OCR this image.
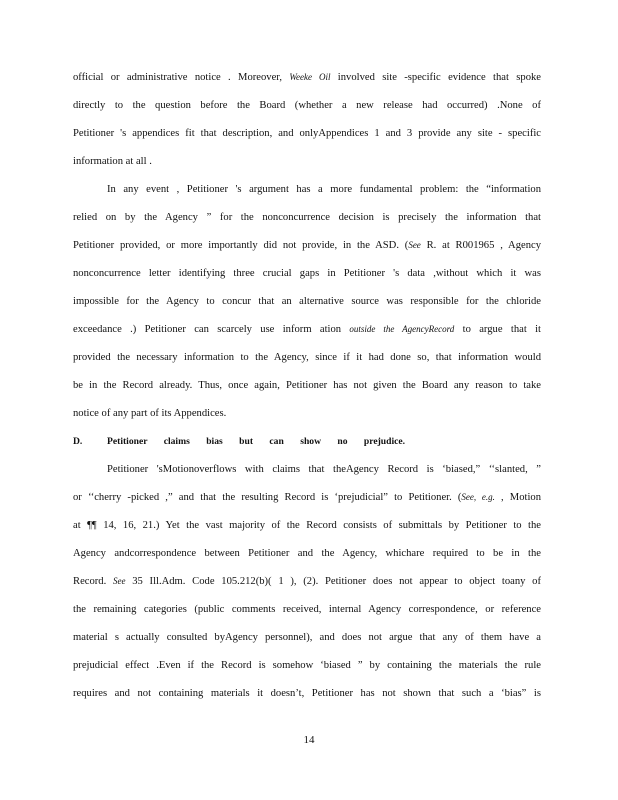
official or administrative notice . Moreover, Weeke Oil involved site -specific evidence that spoke
directly to the question before the Board (whether a new release had occurred) .None of
Petitioner 's appendices fit that description, and onlyAppendices 1 and 3 provide any site - specific
information at all .
In any event , Petitioner 's argument has a more fundamental problem: the “information
relied on by the Agency ” for the nonconcurrence decision is precisely the information that
Petitioner provided, or more importantly did not provide, in the ASD. (See R. at R001965 , Agency
nonconcurrence letter identifying three crucial gaps in Petitioner 's data ,without which it was
impossible for the Agency to concur that an alternative source was responsible for the chloride
exceedance .) Petitioner can scarcely use inform ation outside the AgencyRecord to argue that it
provided the necessary information to the Agency, since if it had done so, that information would
be in the Record already. Thus, once again, Petitioner has not given the Board any reason to take
notice of any part of its Appendices.
D.	Petitioner claims bias but can show no prejudice.
Petitioner 'sMotionoverflows with claims that theAgency Record is ‘biased,” ‘‘slanted, ”
or ‘‘cherry -picked ,” and that the resulting Record is ‘prejudicial” to Petitioner. (See, e.g. , Motion
at ¶¶ 14, 16, 21.) Yet the vast majority of the Record consists of submittals by Petitioner to the
Agency andcorrespondence between Petitioner and the Agency, whichare required to be in the
Record. See 35 Ill.Adm. Code 105.212(b)( 1 ), (2). Petitioner does not appear to object toany of
the remaining categories (public comments received, internal Agency correspondence, or reference
material s actually consulted byAgency personnel), and does not argue that any of them have a
prejudicial effect .Even if the Record is somehow ‘biased ” by containing the materials the rule
requires and not containing materials it doesn’t, Petitioner has not shown that such a ‘bias” is
14
